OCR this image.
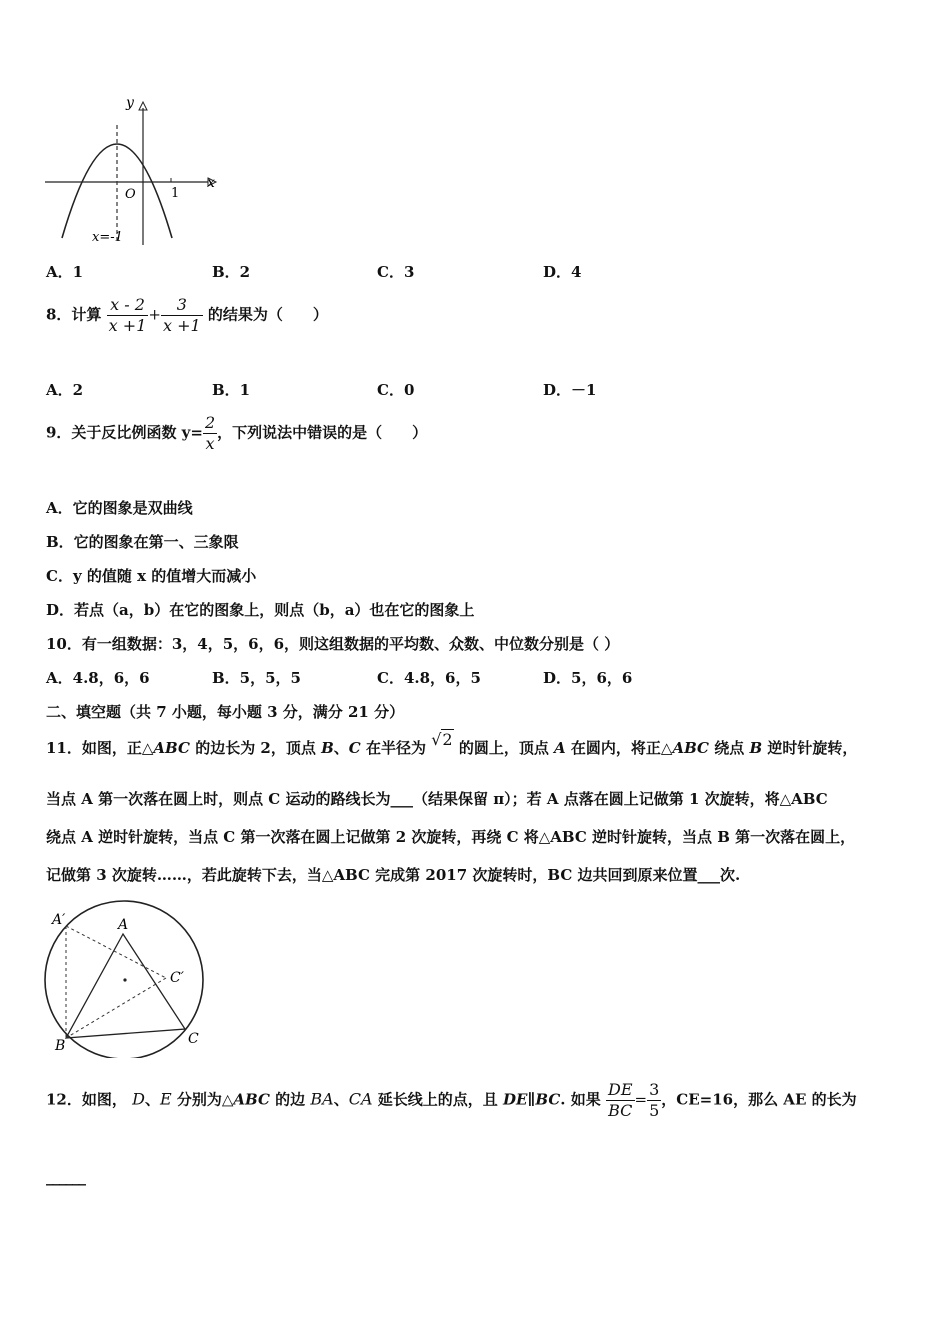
y
x
O	1
x=-1
A．1	B．2	C．3	D．4
8．计算 $\frac{x - 2}{x +1} + \frac{3}{x +1}$ 的结果为（　　）
A．2	B．1	C．0	D．－1
9．关于反比例函数 $y= \frac{2}{x}$ ，下列说法中错误的是（　　）
A．它的图象是双曲线
B．它的图象在第一、三象限
C．y 的值随 x 的值增大而减小
D．若点（a，b）在它的图象上，则点（b，a）也在它的图象上
10．有一组数据：3，4，5，6，6，则这组数据的平均数、众数、中位数分别是（ ）
A．4.8，6，6	B．5，5，5	C．4.8，6，5	D．5，6，6
二、填空题（共 7 小题，每小题 3 分，满分 21 分）
11．如图，正△ABC 的边长为 2，顶点 B、C 在半径为 √2 的圆上，顶点 A 在圆内，将正△ABC 绕点 B 逆时针旋转，
当点 A 第一次落在圆上时，则点 C 运动的路线长为___（结果保留 π）；若 A 点落在圆上记做第 1 次旋转，将△ABC
绕点 A 逆时针旋转，当点 C 第一次落在圆上记做第 2 次旋转，再绕 C 将△ABC 逆时针旋转，当点 B 第一次落在圆上，
记做第 3 次旋转……，若此旋转下去，当△ABC 完成第 2017 次旋转时，BC 边共回到原来位置___次.
A′	A
C′
B	C
12．如图， D、E 分别为△ABC 的边 BA、CA 延长线上的点，且 DE∥BC. 如果 $\frac{DE}{BC} = \frac{3}{5}$ ，CE=16，那么 AE 的长为
______
